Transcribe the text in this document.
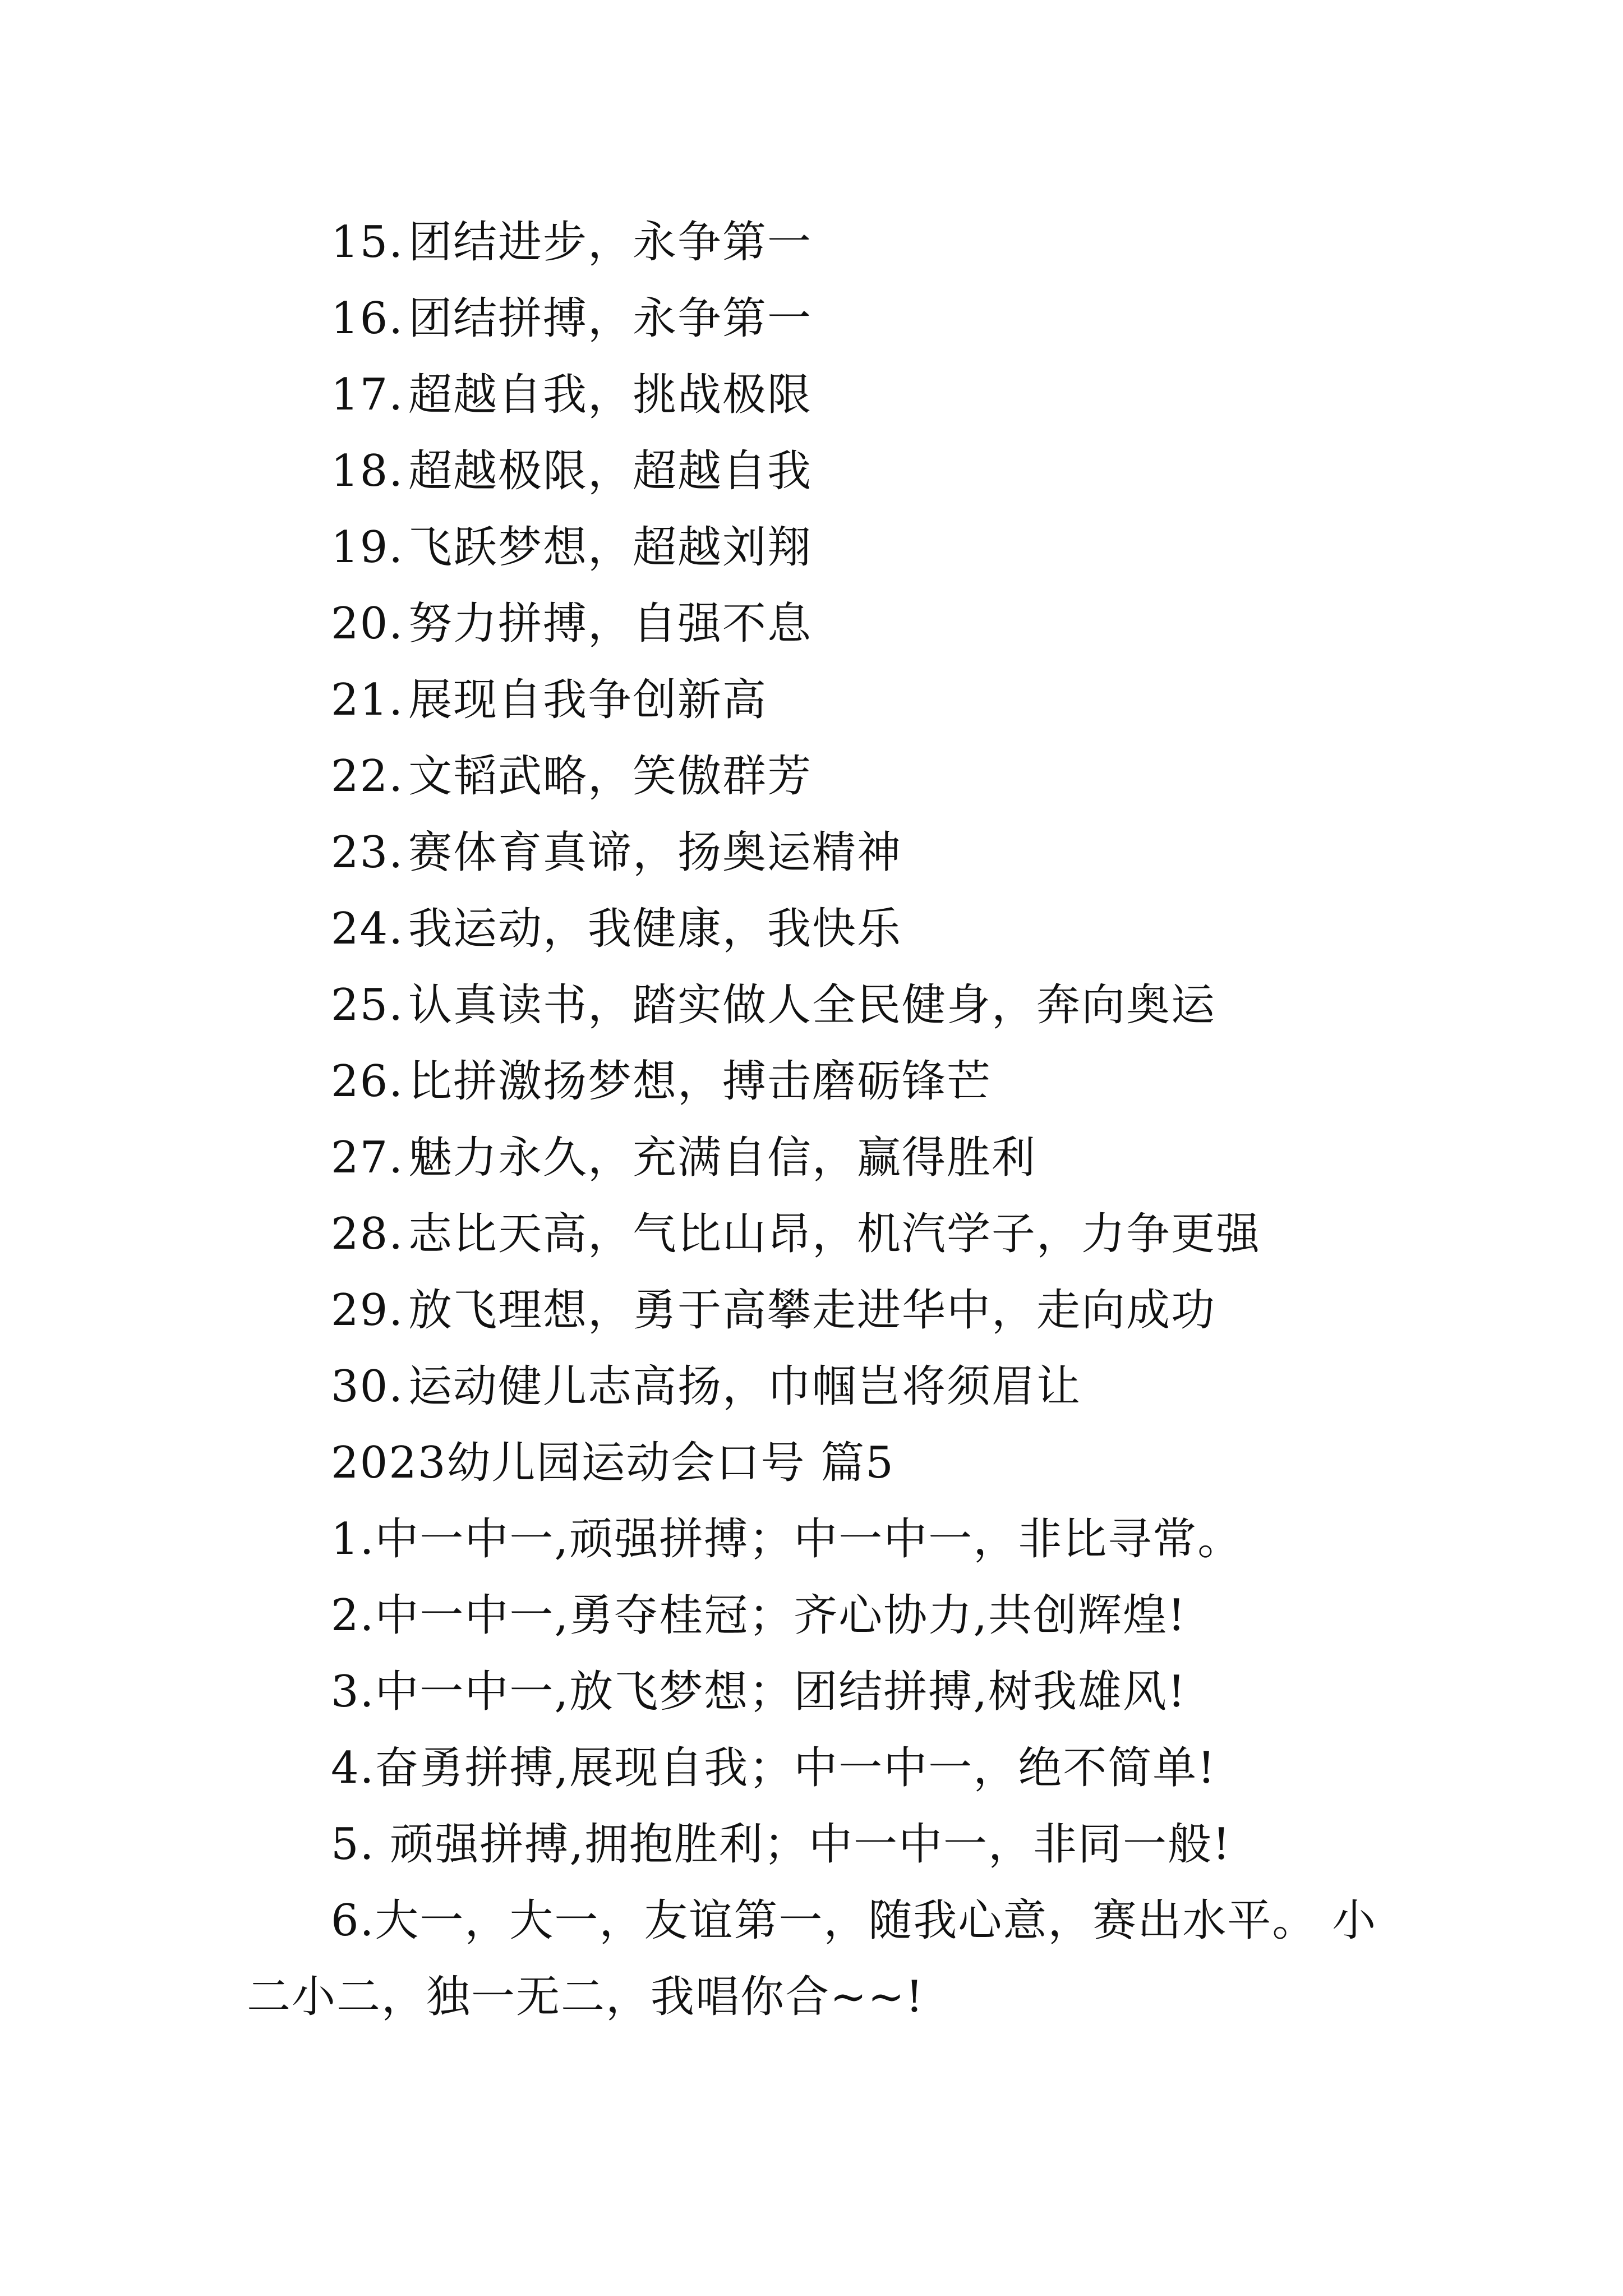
15. 团结进步，永争第一
16. 团结拼搏，永争第一
17. 超越自我，挑战极限
18. 超越极限，超越自我
19. 飞跃梦想，超越刘翔
20. 努力拼搏，自强不息
21. 展现自我争创新高
22. 文韬武略，笑傲群芳
23. 赛体育真谛，扬奥运精神
24. 我运动，我健康，我快乐
25. 认真读书，踏实做人全民健身，奔向奥运
26. 比拼激扬梦想，搏击磨砺锋芒
27. 魅力永久，充满自信，赢得胜利
28. 志比天高，气比山昂，机汽学子，力争更强
29. 放飞理想，勇于高攀走进华中，走向成功
30. 运动健儿志高扬，巾帼岂将须眉让
2023幼儿园运动会口号 篇5
1.中一中一,顽强拼搏；中一中一，非比寻常。
2.中一中一,勇夺桂冠；齐心协力,共创辉煌!
3.中一中一,放飞梦想；团结拼搏,树我雄风!
4.奋勇拼搏,展现自我；中一中一，绝不简单!
5. 顽强拼搏,拥抱胜利；中一中一，非同一般!
6.大一，大一，友谊第一，随我心意，赛出水平。 小
二小二，独一无二，我唱你合~~!
